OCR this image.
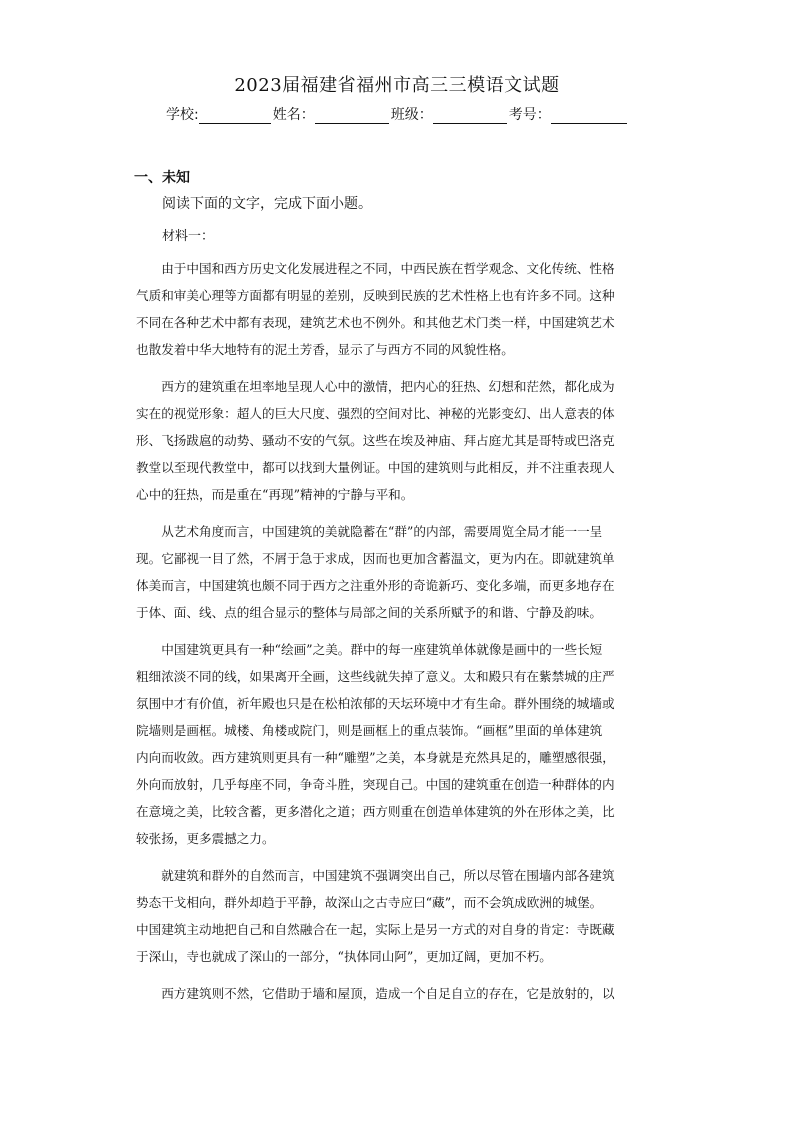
2023届福建省福州市高三三模语文试题
学校:	姓名：	班级：	考号：
一、未知
阅读下面的文字，完成下面小题。
材料一：
　　由于中国和西方历史文化发展进程之不同，中西民族在哲学观念、文化传统、性格
气质和审美心理等方面都有明显的差别，反映到民族的艺术性格上也有许多不同。这种
不同在各种艺术中都有表现，建筑艺术也不例外。和其他艺术门类一样，中国建筑艺术
也散发着中华大地特有的泥土芳香，显示了与西方不同的风貌性格。
　　西方的建筑重在坦率地呈现人心中的激情，把内心的狂热、幻想和茫然，都化成为
实在的视觉形象：超人的巨大尺度、强烈的空间对比、神秘的光影变幻、出人意表的体
形、飞扬跋扈的动势、骚动不安的气氛。这些在埃及神庙、拜占庭尤其是哥特或巴洛克
教堂以至现代教堂中，都可以找到大量例证。中国的建筑则与此相反，并不注重表现人
心中的狂热，而是重在“再现”精神的宁静与平和。
　　从艺术角度而言，中国建筑的美就隐蓄在“群”的内部，需要周览全局才能一一呈
现。它鄙视一目了然，不屑于急于求成，因而也更加含蓄温文，更为内在。即就建筑单
体美而言，中国建筑也颇不同于西方之注重外形的奇诡新巧、变化多端，而更多地存在
于体、面、线、点的组合显示的整体与局部之间的关系所赋予的和谐、宁静及韵味。
　　中国建筑更具有一种“绘画”之美。群中的每一座建筑单体就像是画中的一些长短
粗细浓淡不同的线，如果离开全画，这些线就失掉了意义。太和殿只有在紫禁城的庄严
氛围中才有价值，祈年殿也只是在松柏浓郁的天坛环境中才有生命。群外围绕的城墙或
院墙则是画框。城楼、角楼或院门，则是画框上的重点装饰。“画框”里面的单体建筑
内向而收敛。西方建筑则更具有一种“雕塑”之美，本身就是充然具足的，雕塑感很强，
外向而放射，几乎每座不同，争奇斗胜，突现自己。中国的建筑重在创造一种群体的内
在意境之美，比较含蓄，更多潜化之道；西方则重在创造单体建筑的外在形体之美，比
较张扬，更多震撼之力。
　　就建筑和群外的自然而言，中国建筑不强调突出自己，所以尽管在围墙内部各建筑
势态干戈相向，群外却趋于平静，故深山之古寺应曰“藏”，而不会筑成欧洲的城堡。
中国建筑主动地把自己和自然融合在一起，实际上是另一方式的对自身的肯定：寺既藏
于深山，寺也就成了深山的一部分，“执体同山阿”，更加辽阔，更加不朽。
　　西方建筑则不然，它借助于墙和屋顶，造成一个自足自立的存在，它是放射的，以
